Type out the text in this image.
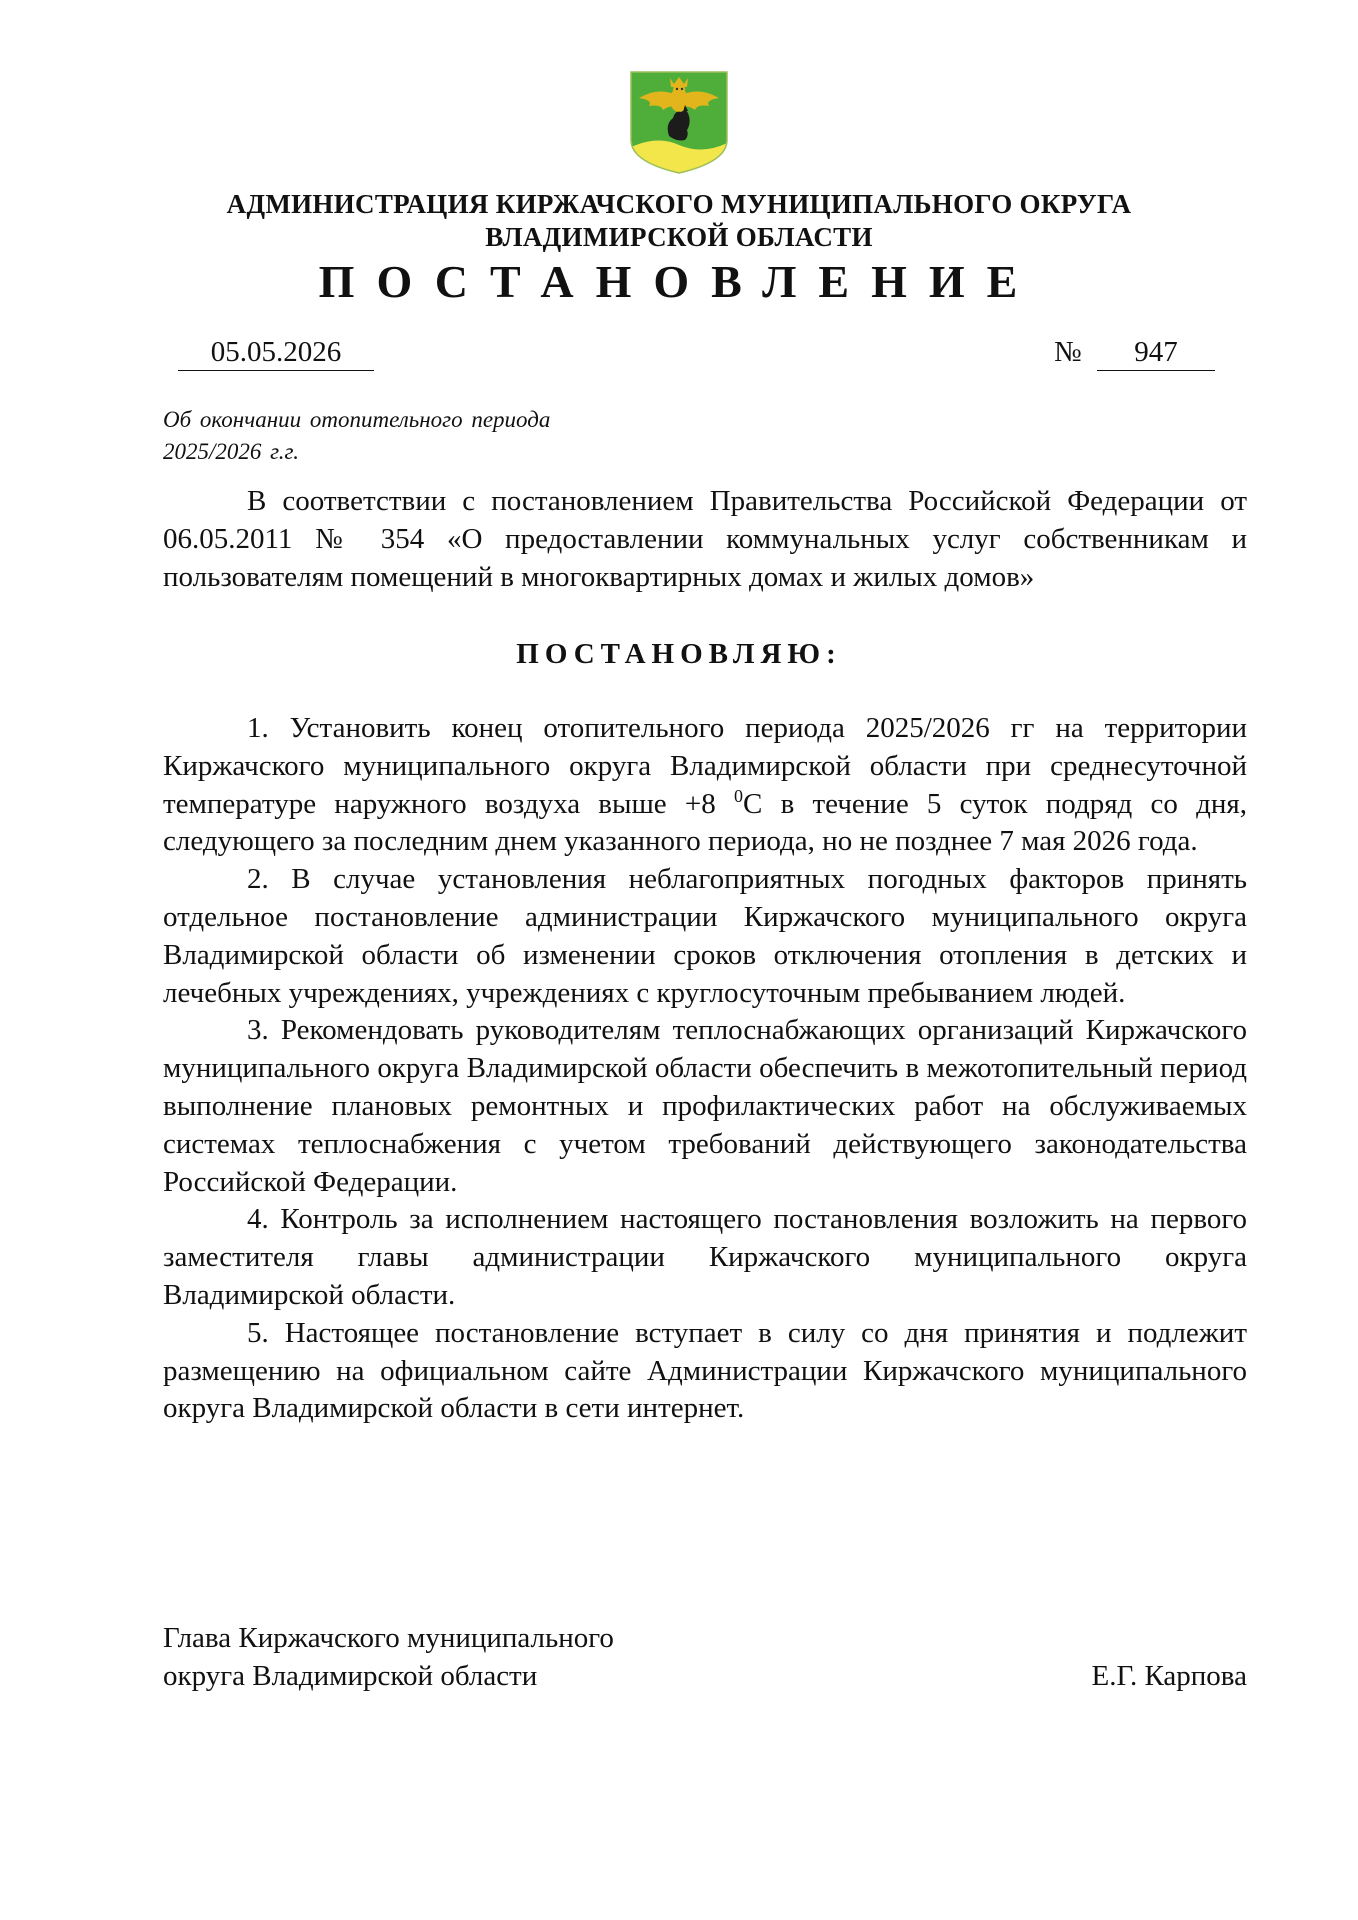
АДМИНИСТРАЦИЯ КИРЖАЧСКОГО МУНИЦИПАЛЬНОГО ОКРУГА
ВЛАДИМИРСКОЙ ОБЛАСТИ
ПОСТАНОВЛЕНИЕ
05.05.2026	№	947
Об окончании отопительного периода
2025/2026 г.г.

В соответствии с постановлением Правительства Российской Федерации от 06.05.2011 № 354 «О предоставлении коммунальных услуг собственникам и пользователям помещений в многоквартирных домах и жилых домов»

ПОСТАНОВЛЯЮ:

1. Установить конец отопительного периода 2025/2026 гг на территории Киржачского муниципального округа Владимирской области при среднесуточной температуре наружного воздуха выше +8 $^0$С в течение 5 суток подряд со дня, следующего за последним днем указанного периода, но не позднее 7 мая 2026 года.

2. В случае установления неблагоприятных погодных факторов принять отдельное постановление администрации Киржачского муниципального округа Владимирской области об изменении сроков отключения отопления в детских и лечебных учреждениях, учреждениях с круглосуточным пребыванием людей.

3. Рекомендовать руководителям теплоснабжающих организаций Киржачского муниципального округа Владимирской области обеспечить в межотопительный период выполнение плановых ремонтных и профилактических работ на обслуживаемых системах теплоснабжения с учетом требований действующего законодательства Российской Федерации.

4. Контроль за исполнением настоящего постановления возложить на первого заместителя главы администрации Киржачского муниципального округа Владимирской области.

5. Настоящее постановление вступает в силу со дня принятия и подлежит размещению на официальном сайте Администрации Киржачского муниципального округа Владимирской области в сети интернет.

Глава Киржачского муниципального
округа Владимирской области	Е.Г. Карпова
